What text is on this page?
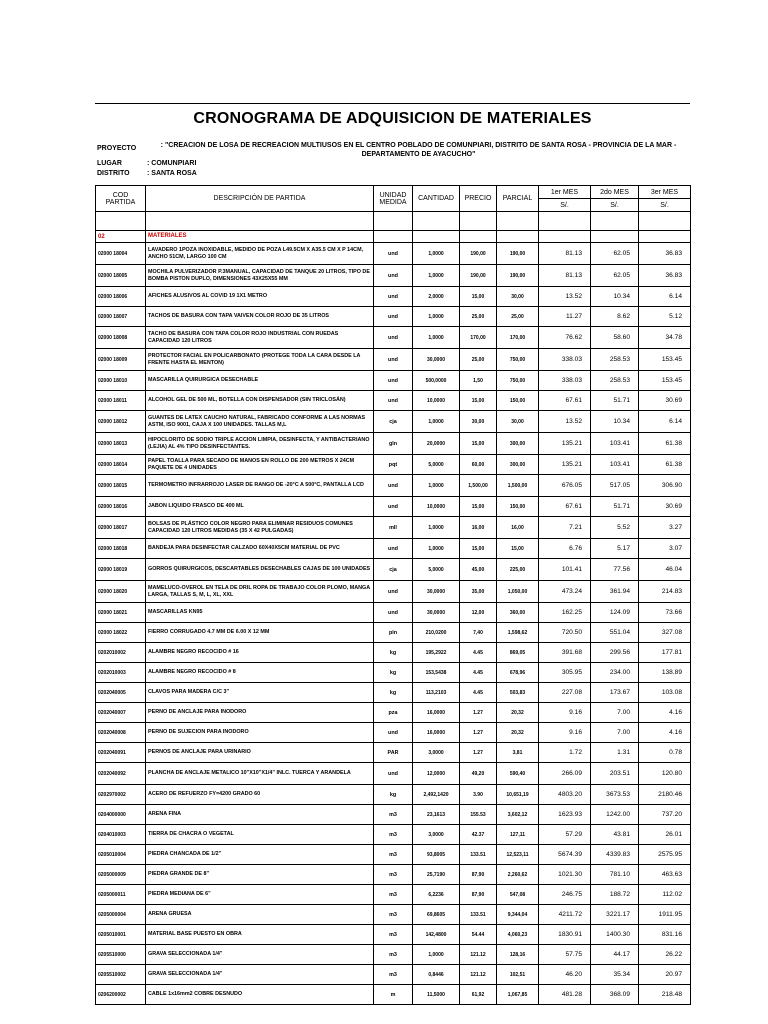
CRONOGRAMA DE ADQUISICION DE MATERIALES
PROYECTO	: "CREACION DE LOSA DE RECREACION MULTIUSOS EN EL CENTRO POBLADO DE COMUNPIARI, DISTRITO DE SANTA ROSA - PROVINCIA DE LA MAR - DEPARTAMENTO DE AYACUCHO"
LUGAR	: COMUNPIARI
DISTRITO	: SANTA ROSA
COD PARTIDA	DESCRIPCIÓN DE PARTIDA	UNIDAD MEDIDA	CANTIDAD	PRECIO	PARCIAL	1er MES	2do MES	3er MES
						S/.	S/.	S/.

02	MATERIALES							
02000 18004	LAVADERO 1POZA INOXIDABLE, MEDIDO DE POZA L49.5CM X A35.5 CM X P 14CM, ANCHO 51CM, LARGO 100 CM	und	1,0000	190,00	190,00	81.13	62.05	36.83
02000 18005	MOCHILA PULVERIZADOR P.3MANUAL, CAPACIDAD DE TANQUE 20 LITROS, TIPO DE BOMBA PISTON DUPLO, DIMENSIONES 43X25X55 MM	und	1,0000	190,00	190,00	81.13	62.05	36.83
02000 18006	AFICHES ALUSIVOS AL COVID 19 1X1 METRO	und	2,0000	15,00	30,00	13.52	10.34	6.14
02000 18007	TACHOS DE BASURA CON TAPA VAIVEN COLOR ROJO DE 35 LITROS	und	1,0000	25,00	25,00	11.27	8.62	5.12
02000 18008	TACHO DE BASURA CON TAPA COLOR ROJO INDUSTRIAL CON RUEDAS CAPACIDAD 120 LITROS	und	1,0000	170,00	170,00	76.62	58.60	34.78
02000 18009	PROTECTOR FACIAL EN POLICARBONATO (PROTEGE TODA LA CARA DESDE LA FRENTE HASTA EL MENTON)	und	30,0000	25,00	750,00	338.03	258.53	153.45
02000 18010	MASCARILLA QUIRURGICA DESECHABLE	und	500,0000	1,50	750,00	338.03	258.53	153.45
02000 18011	ALCOHOL GEL DE 500 ML, BOTELLA CON DISPENSADOR (SIN TRICLOSÁN)	und	10,0000	15,00	150,00	67.61	51.71	30.69
02000 18012	GUANTES DE LATEX CAUCHO NATURAL, FABRICADO CONFORME A LAS NORMAS ASTM, ISO 9001, CAJA X 100 UNIDADES. TALLAS M,L	cja	1,0000	30,00	30,00	13.52	10.34	6.14
02000 18013	HIPOCLORITO DE SODIO TRIPLE ACCION LIMPIA, DESINFECTA, Y ANTIBACTERIANO (LEJIA) AL 4% TIPO DESINFECTANTES.	gln	20,0000	15,00	300,00	135.21	103.41	61.38
02000 18014	PAPEL TOALLA PARA SECADO DE MANOS EN ROLLO DE 200 METROS X 24CM PAQUETE DE 4 UNIDADES	pqt	5,0000	60,00	300,00	135.21	103.41	61.38
02000 18015	TERMOMETRO INFRARROJO LASER DE RANGO DE -20°C A 500°C, PANTALLA LCD	und	1,0000	1,500,00	1,500,00	676.05	517.05	306.90
02000 18016	JABON LIQUIDO FRASCO DE 400 ML	und	10,0000	15,00	150,00	67.61	51.71	30.69
02000 18017	BOLSAS DE PLÁSTICO COLOR NEGRO PARA ELIMINAR RESIDUOS COMUNES CAPACIDAD 120 LITROS MEDIDAS (35 X 42 PULGADAS)	mll	1,0000	16,00	16,00	7.21	5.52	3.27
02000 18018	BANDEJA PARA DESINFECTAR CALZADO 60X40X5CM MATERIAL DE PVC	und	1,0000	15,00	15,00	6.76	5.17	3.07
02000 18019	GORROS QUIRURGICOS, DESCARTABLES DESECHABLES CAJAS DE 100 UNIDADES	cja	5,0000	45,00	225,00	101.41	77.56	46.04
02000 18020	MAMELUCO-OVEROL EN TELA DE DRIL ROPA DE TRABAJO COLOR PLOMO, MANGA LARGA, TALLAS S, M, L, XL, XXL	und	30,0000	35,00	1,050,00	473.24	361.94	214.83
02000 18021	MASCARILLAS KN95	und	30,0000	12,00	360,00	162.25	124.09	73.66
02000 18022	FIERRO CORRUGADO 4.7 MM DE 6.00 X 12 MM	pln	210,0200	7,40	1,598,62	720.50	551.04	327.08
0202010002	ALAMBRE NEGRO RECOCIDO # 16	kg	195,2922	4.45	869,05	391.68	299.56	177.81
0202010003	ALAMBRE NEGRO RECOCIDO # 8	kg	153,5438	4.45	678,96	305.95	234.00	138.89
0202040005	CLAVOS PARA MADERA C/C 3"	kg	113,2103	4.45	503,83	227.08	173.67	103.08
0202040007	PERNO DE ANCLAJE PARA INODORO	pza	16,0000	1.27	20,32	9.16	7.00	4.16
0202040008	PERNO DE SUJECION PARA INODORO	und	16,0000	1.27	20,32	9.16	7.00	4.16
0202040091	PERNOS DE ANCLAJE PARA URINARIO	PAR	3,0000	1.27	3,81	1.72	1.31	0.78
0202040092	PLANCHA DE ANCLAJE METALICO 10"X10"X1/4" INLC. TUERCA Y ARANDELA	und	12,0000	49,20	590,40	266.09	203.51	120.80
0202970002	ACERO DE REFUERZO FY=4200 GRADO 60	kg	2,492,1420	3.90	10,651,19	4803.20	3673.53	2180.46
0204000000	ARENA FINA	m3	23,1613	155.53	3,602,12	1623.93	1242.00	737.20
0204010003	TIERRA DE CHACRA O VEGETAL	m3	3,0000	42.37	127,11	57.29	43.81	26.01
0205010004	PIEDRA CHANCADA DE 1/2"	m3	93,8005	133.51	12,523,11	5674.39	4339.83	2575.95
0205000009	PIEDRA GRANDE DE 8"	m3	25,7190	87,90	2,260,62	1021.30	781.10	463.63
0205000011	PIEDRA MEDIANA DE 6"	m3	6,2236	87,90	547,08	246.75	188.72	112.02
0205000004	ARENA GRUESA	m3	69,8605	133.51	9,344,04	4211.72	3221.17	1911.95
0205010001	MATERIAL BASE PUESTO EN OBRA	m3	142,4800	54.44	4,060,23	1830.91	1400.30	831.16
0205510000	GRAVA SELECCIONADA 1/4"	m3	1,0000	121.12	128,16	57.75	44.17	26.22
0205510002	GRAVA SELECCIONADA 1/4"	m3	0,8446	121.12	102,51	46.20	35.34	20.97
0206200002	CABLE 1x16mm2 COBRE DESNUDO	m	11,5000	61,92	1,067,85	481.28	368.09	218.48
